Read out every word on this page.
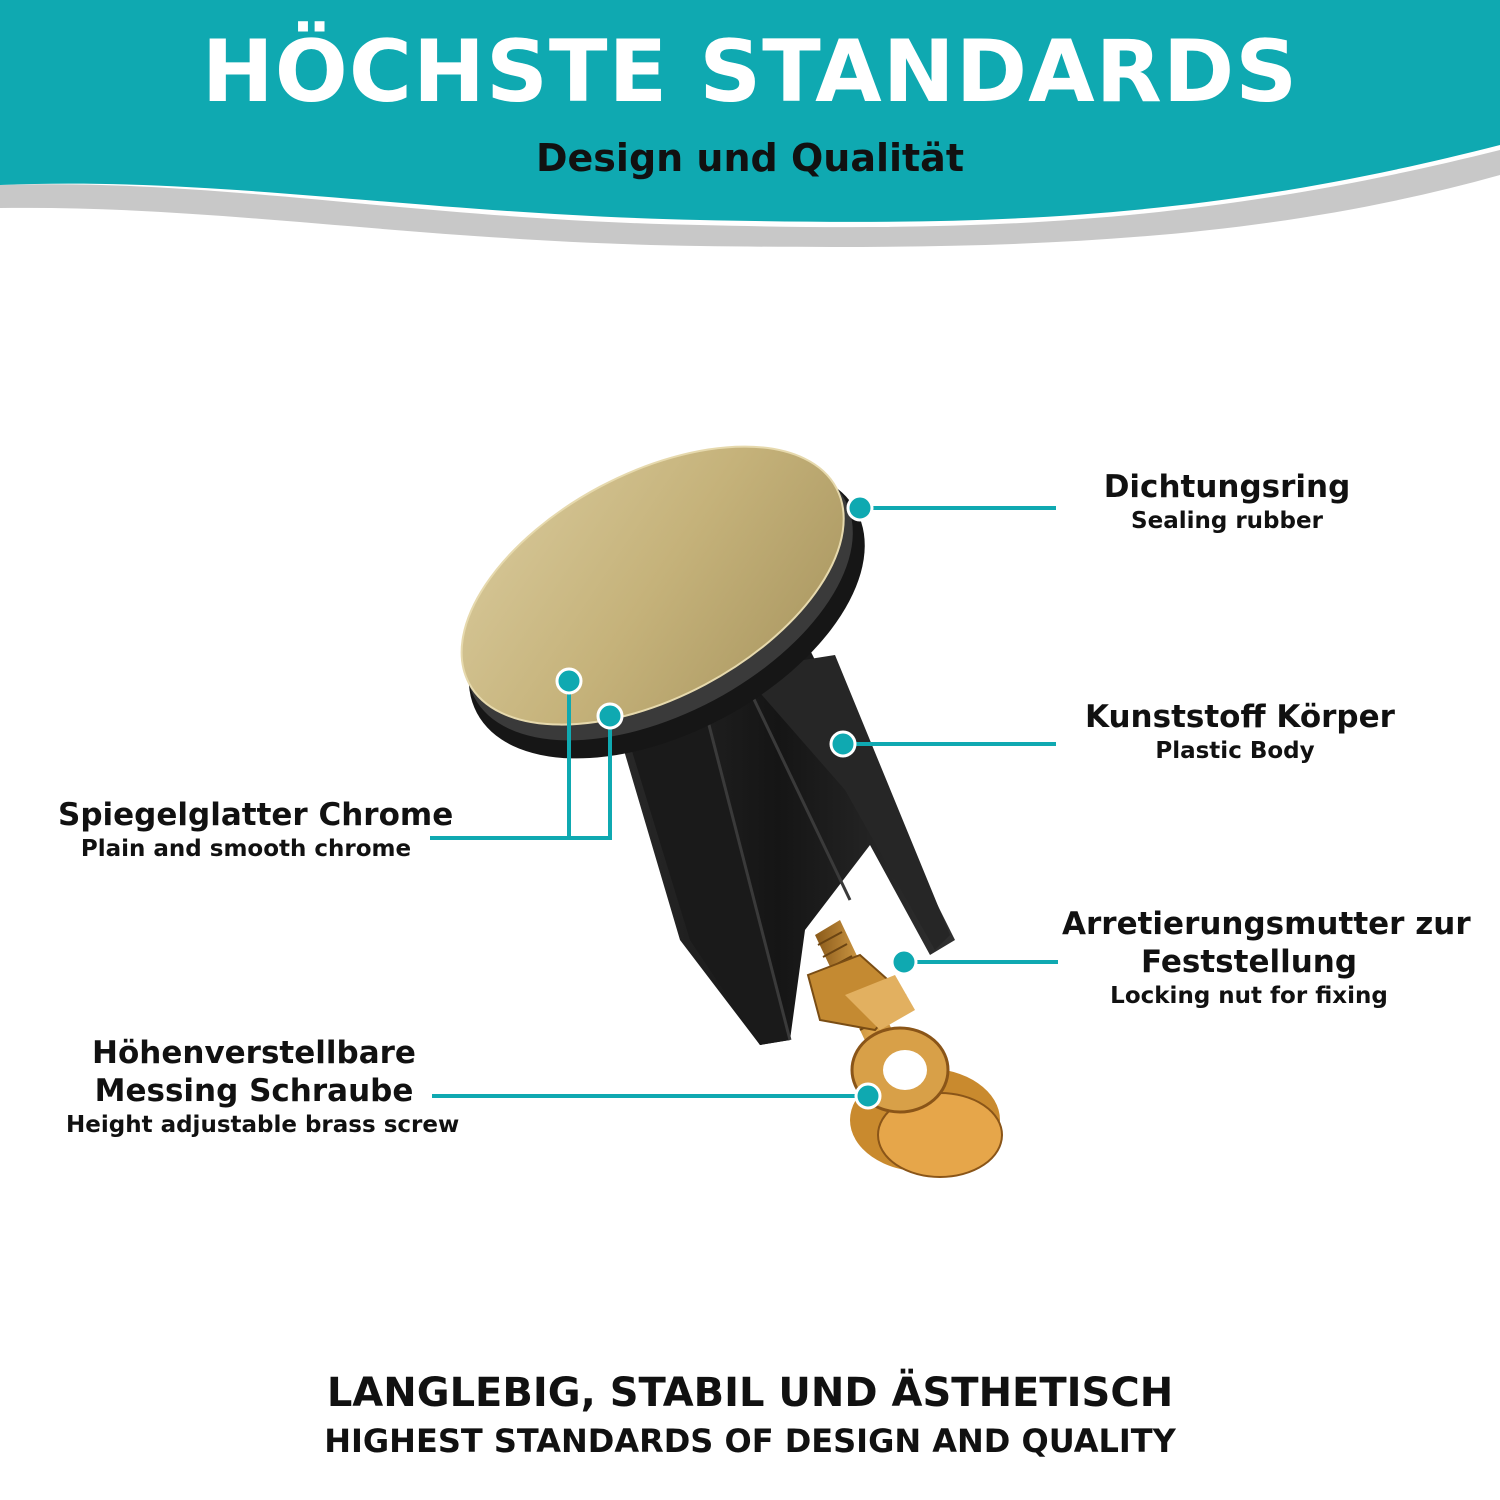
HÖCHSTE STANDARDS
Design und Qualität
Dichtungsring
Sealing rubber
Kunststoff Körper
Plastic Body
Spiegelglatter Chrome
Plain and smooth chrome
Arretierungsmutter zur
Feststellung
Locking nut for fixing
Höhenverstellbare
Messing Schraube
Height adjustable brass screw
LANGLEBIG, STABIL UND ÄSTHETISCH
HIGHEST STANDARDS OF DESIGN AND QUALITY
